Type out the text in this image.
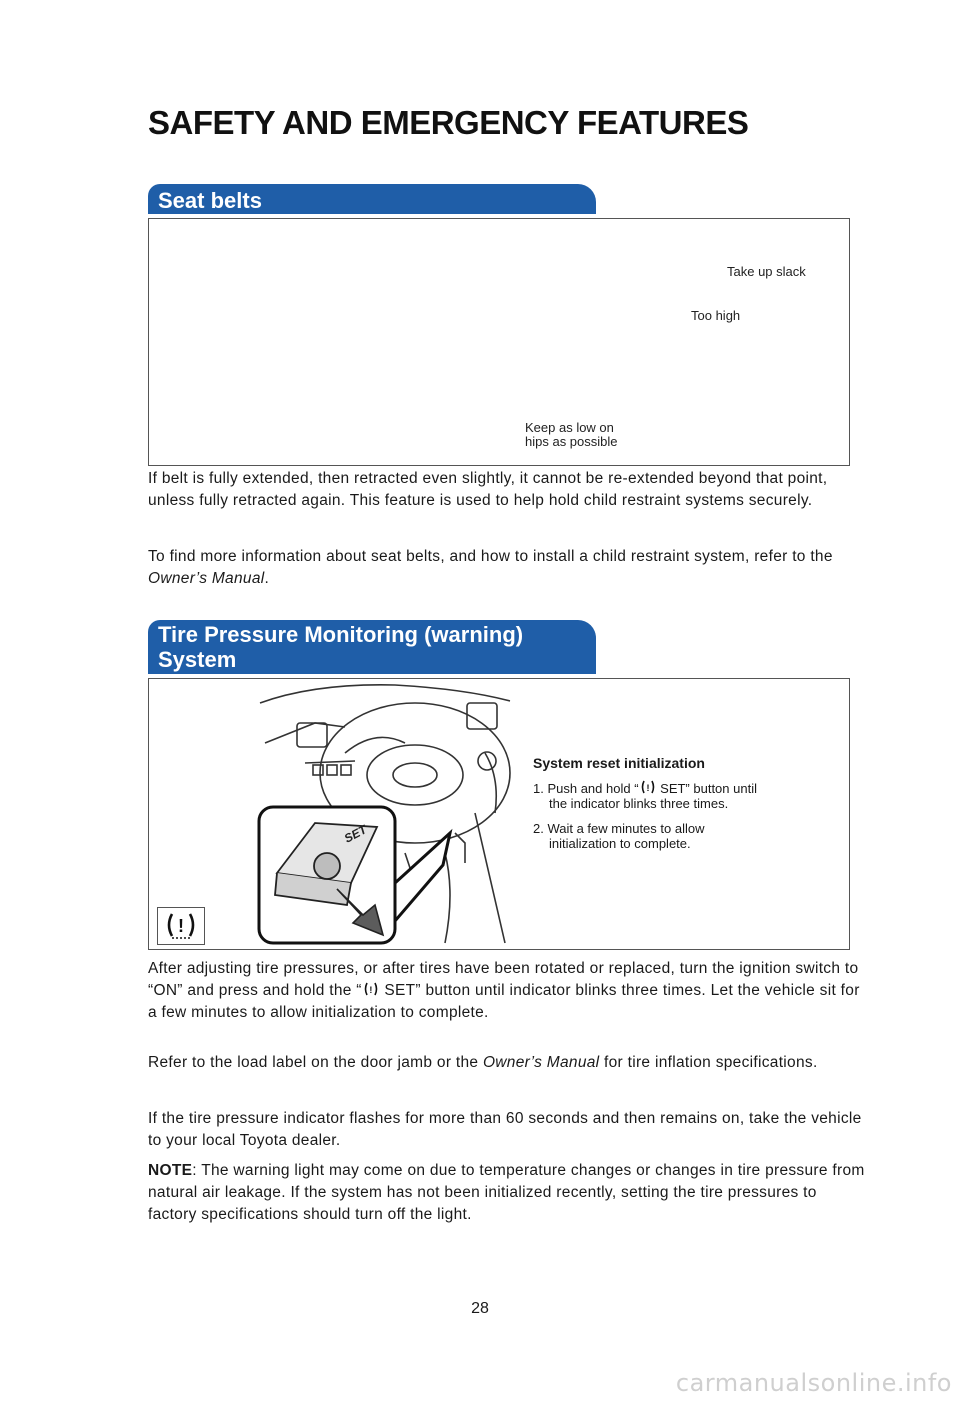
SAFETY AND EMERGENCY FEATURES
Seat belts
Take up slack
Too high
Keep as low on
hips as possible

If belt is fully extended, then retracted even slightly, it cannot be re-extended beyond that point, unless fully retracted again. This feature is used to help hold child restraint systems securely.

To find more information about seat belts, and how to install a child restraint system, refer to the Owner’s Manual.

Tire Pressure Monitoring (warning)
System
SET
!
System reset initialization
1. Push and hold “ ! SET” button until
the indicator blinks three times.
2. Wait a few minutes to allow
initialization to complete.

After adjusting tire pressures, or after tires have been rotated or replaced, turn the ignition switch to “ON” and press and hold the “ ! SET” button until indicator blinks three times. Let the vehicle sit for a few minutes to allow initialization to complete.

Refer to the load label on the door jamb or the Owner’s Manual for tire inflation specifications.

If the tire pressure indicator flashes for more than 60 seconds and then remains on, take the vehicle to your local Toyota dealer.

NOTE: The warning light may come on due to temperature changes or changes in tire pressure from natural air leakage. If the system has not been initialized recently, setting the tire pressures to factory specifications should turn off the light.

28
carmanualsonline.info
